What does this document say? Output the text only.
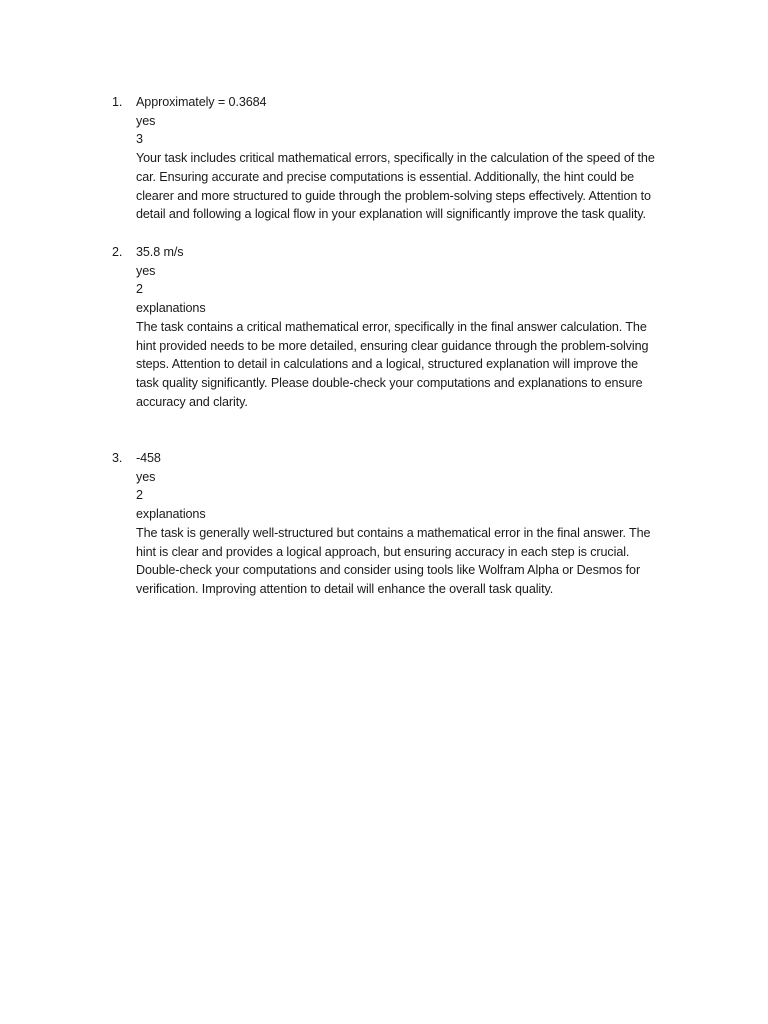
1.	Approximately = 0.3684
yes
3
Your task includes critical mathematical errors, specifically in the calculation of the speed of the
car. Ensuring accurate and precise computations is essential. Additionally, the hint could be
clearer and more structured to guide through the problem-solving steps effectively. Attention to
detail and following a logical flow in your explanation will significantly improve the task quality.
2.	35.8 m/s
yes
2
explanations
The task contains a critical mathematical error, specifically in the final answer calculation. The
hint provided needs to be more detailed, ensuring clear guidance through the problem-solving
steps. Attention to detail in calculations and a logical, structured explanation will improve the
task quality significantly. Please double-check your computations and explanations to ensure
accuracy and clarity.
3.	-458
yes
2
explanations
The task is generally well-structured but contains a mathematical error in the final answer. The
hint is clear and provides a logical approach, but ensuring accuracy in each step is crucial.
Double-check your computations and consider using tools like Wolfram Alpha or Desmos for
verification. Improving attention to detail will enhance the overall task quality.
